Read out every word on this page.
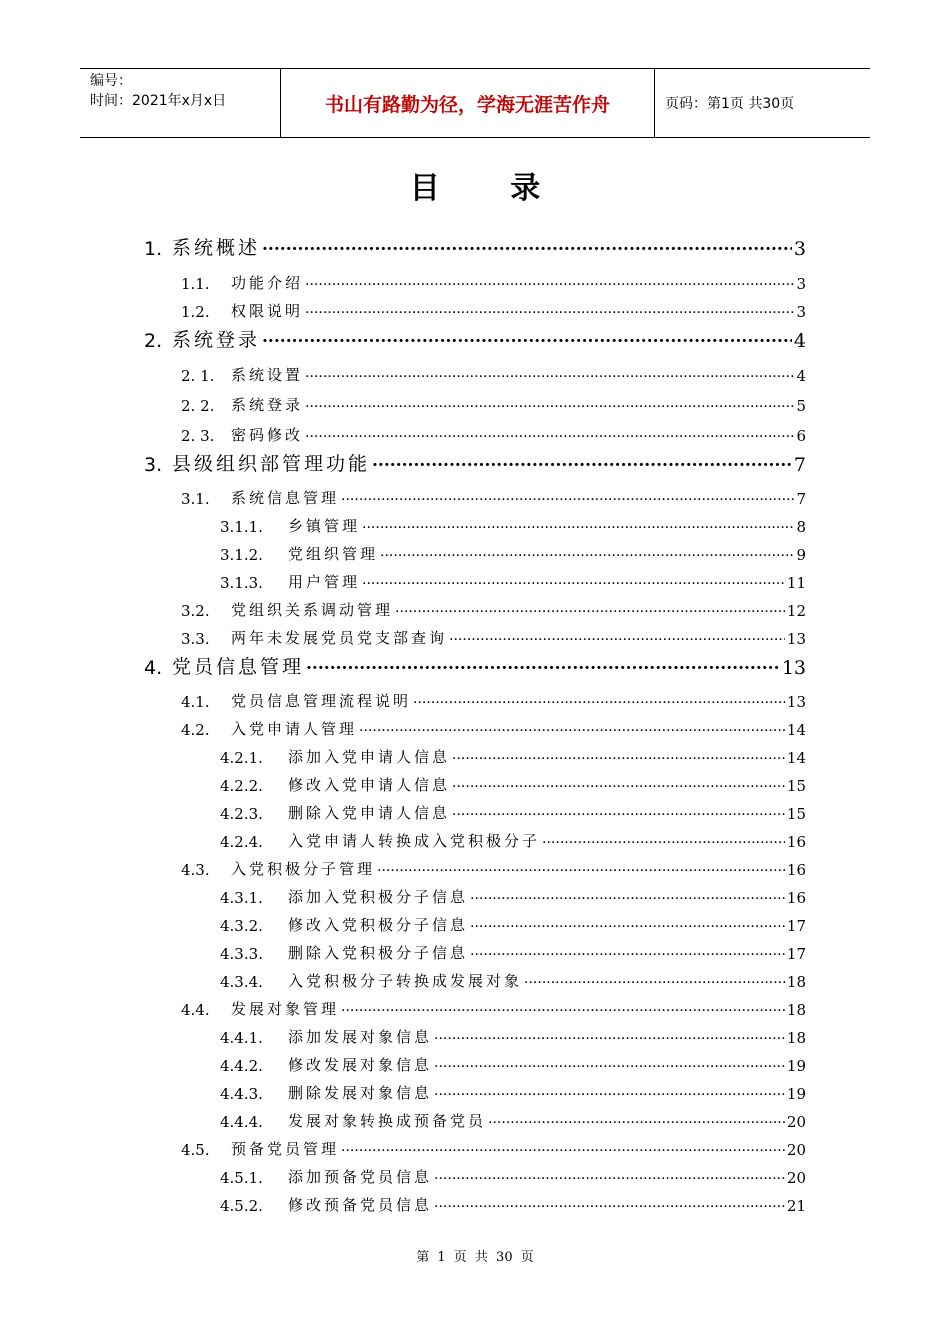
编号：
时间：2021年x月x日	书山有路勤为径，学海无涯苦作舟	页码：第1页 共30页
目 录
1. 系统概述 .....	3
1.1.	功能介绍 .....	3
1.2.	权限说明 .....	3
2. 系统登录 .....	4
2. 1.	系统设置 .....	4
2. 2.	系统登录 .....	5
2. 3.	密码修改 .....	6
3. 县级组织部管理功能 .....	7
3.1.	系统信息管理 .....	7
3.1.1.	乡镇管理 .....	8
3.1.2.	党组织管理 .....	9
3.1.3.	用户管理 .....	11
3.2.	党组织关系调动管理 .....	12
3.3.	两年未发展党员党支部查询 .....	13
4. 党员信息管理 .....	13
4.1.	党员信息管理流程说明 .....	13
4.2.	入党申请人管理 .....	14
4.2.1.	添加入党申请人信息 .....	14
4.2.2.	修改入党申请人信息 .....	15
4.2.3.	删除入党申请人信息 .....	15
4.2.4.	入党申请人转换成入党积极分子 .....	16
4.3.	入党积极分子管理 .....	16
4.3.1.	添加入党积极分子信息 .....	16
4.3.2.	修改入党积极分子信息 .....	17
4.3.3.	删除入党积极分子信息 .....	17
4.3.4.	入党积极分子转换成发展对象 .....	18
4.4.	发展对象管理 .....	18
4.4.1.	添加发展对象信息 .....	18
4.4.2.	修改发展对象信息 .....	19
4.4.3.	删除发展对象信息 .....	19
4.4.4.	发展对象转换成预备党员 .....	20
4.5.	预备党员管理 .....	20
4.5.1.	添加预备党员信息 .....	20
4.5.2.	修改预备党员信息 .....	21
第 1 页 共 30 页
